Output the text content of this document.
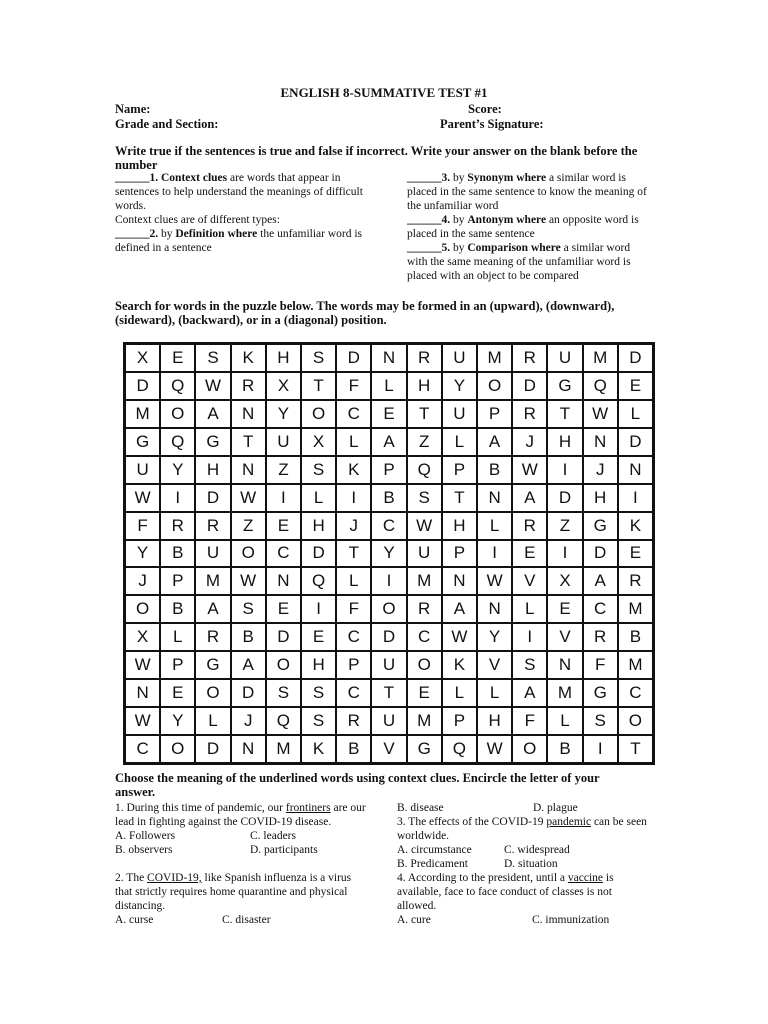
ENGLISH 8-SUMMATIVE TEST #1
Name:	Score:
Grade and Section:	Parent’s Signature:
Write true if the sentences is true and false if incorrect. Write your answer on the blank before the number

______1. Context clues are words that appear in sentences to help understand the meanings of difficult words.

Context clues are of different types:

______2. by Definition where the unfamiliar word is defined in a sentence

______3. by Synonym where a similar word is placed in the same sentence to know the meaning of the unfamiliar word

______4. by Antonym where an opposite word is placed in the same sentence

______5. by Comparison where a similar word with the same meaning of the unfamiliar word is placed with an object to be compared

Search for words in the puzzle below. The words may be formed in an (upward), (downward), (sideward), (backward), or in a (diagonal) position.
X	E	S	K	H	S	D	N	R	U	M	R	U	M	D
D	Q	W	R	X	T	F	L	H	Y	O	D	G	Q	E
M	O	A	N	Y	O	C	E	T	U	P	R	T	W	L
G	Q	G	T	U	X	L	A	Z	L	A	J	H	N	D
U	Y	H	N	Z	S	K	P	Q	P	B	W	I	J	N
W	I	D	W	I	L	I	B	S	T	N	A	D	H	I
F	R	R	Z	E	H	J	C	W	H	L	R	Z	G	K
Y	B	U	O	C	D	T	Y	U	P	I	E	I	D	E
J	P	M	W	N	Q	L	I	M	N	W	V	X	A	R
O	B	A	S	E	I	F	O	R	A	N	L	E	C	M
X	L	R	B	D	E	C	D	C	W	Y	I	V	R	B
W	P	G	A	O	H	P	U	O	K	V	S	N	F	M
N	E	O	D	S	S	C	T	E	L	L	A	M	G	C
W	Y	L	J	Q	S	R	U	M	P	H	F	L	S	O
C	O	D	N	M	K	B	V	G	Q	W	O	B	I	T
Choose the meaning of the underlined words using context clues. Encircle the letter of your answer.

1. During this time of pandemic, our frontiners are our lead in fighting against the COVID-19 disease.

A. Followers	C. leaders
B. observers	D. participants

2. The COVID-19, like Spanish influenza is a virus that strictly requires home quarantine and physical distancing.

A. curse	C. disaster
B. disease	D. plague

3. The effects of the COVID-19 pandemic can be seen worldwide.

A. circumstance	C. widespread
B. Predicament	D. situation

4. According to the president, until a vaccine is available, face to face conduct of classes is not allowed.

A. cure	C. immunization
